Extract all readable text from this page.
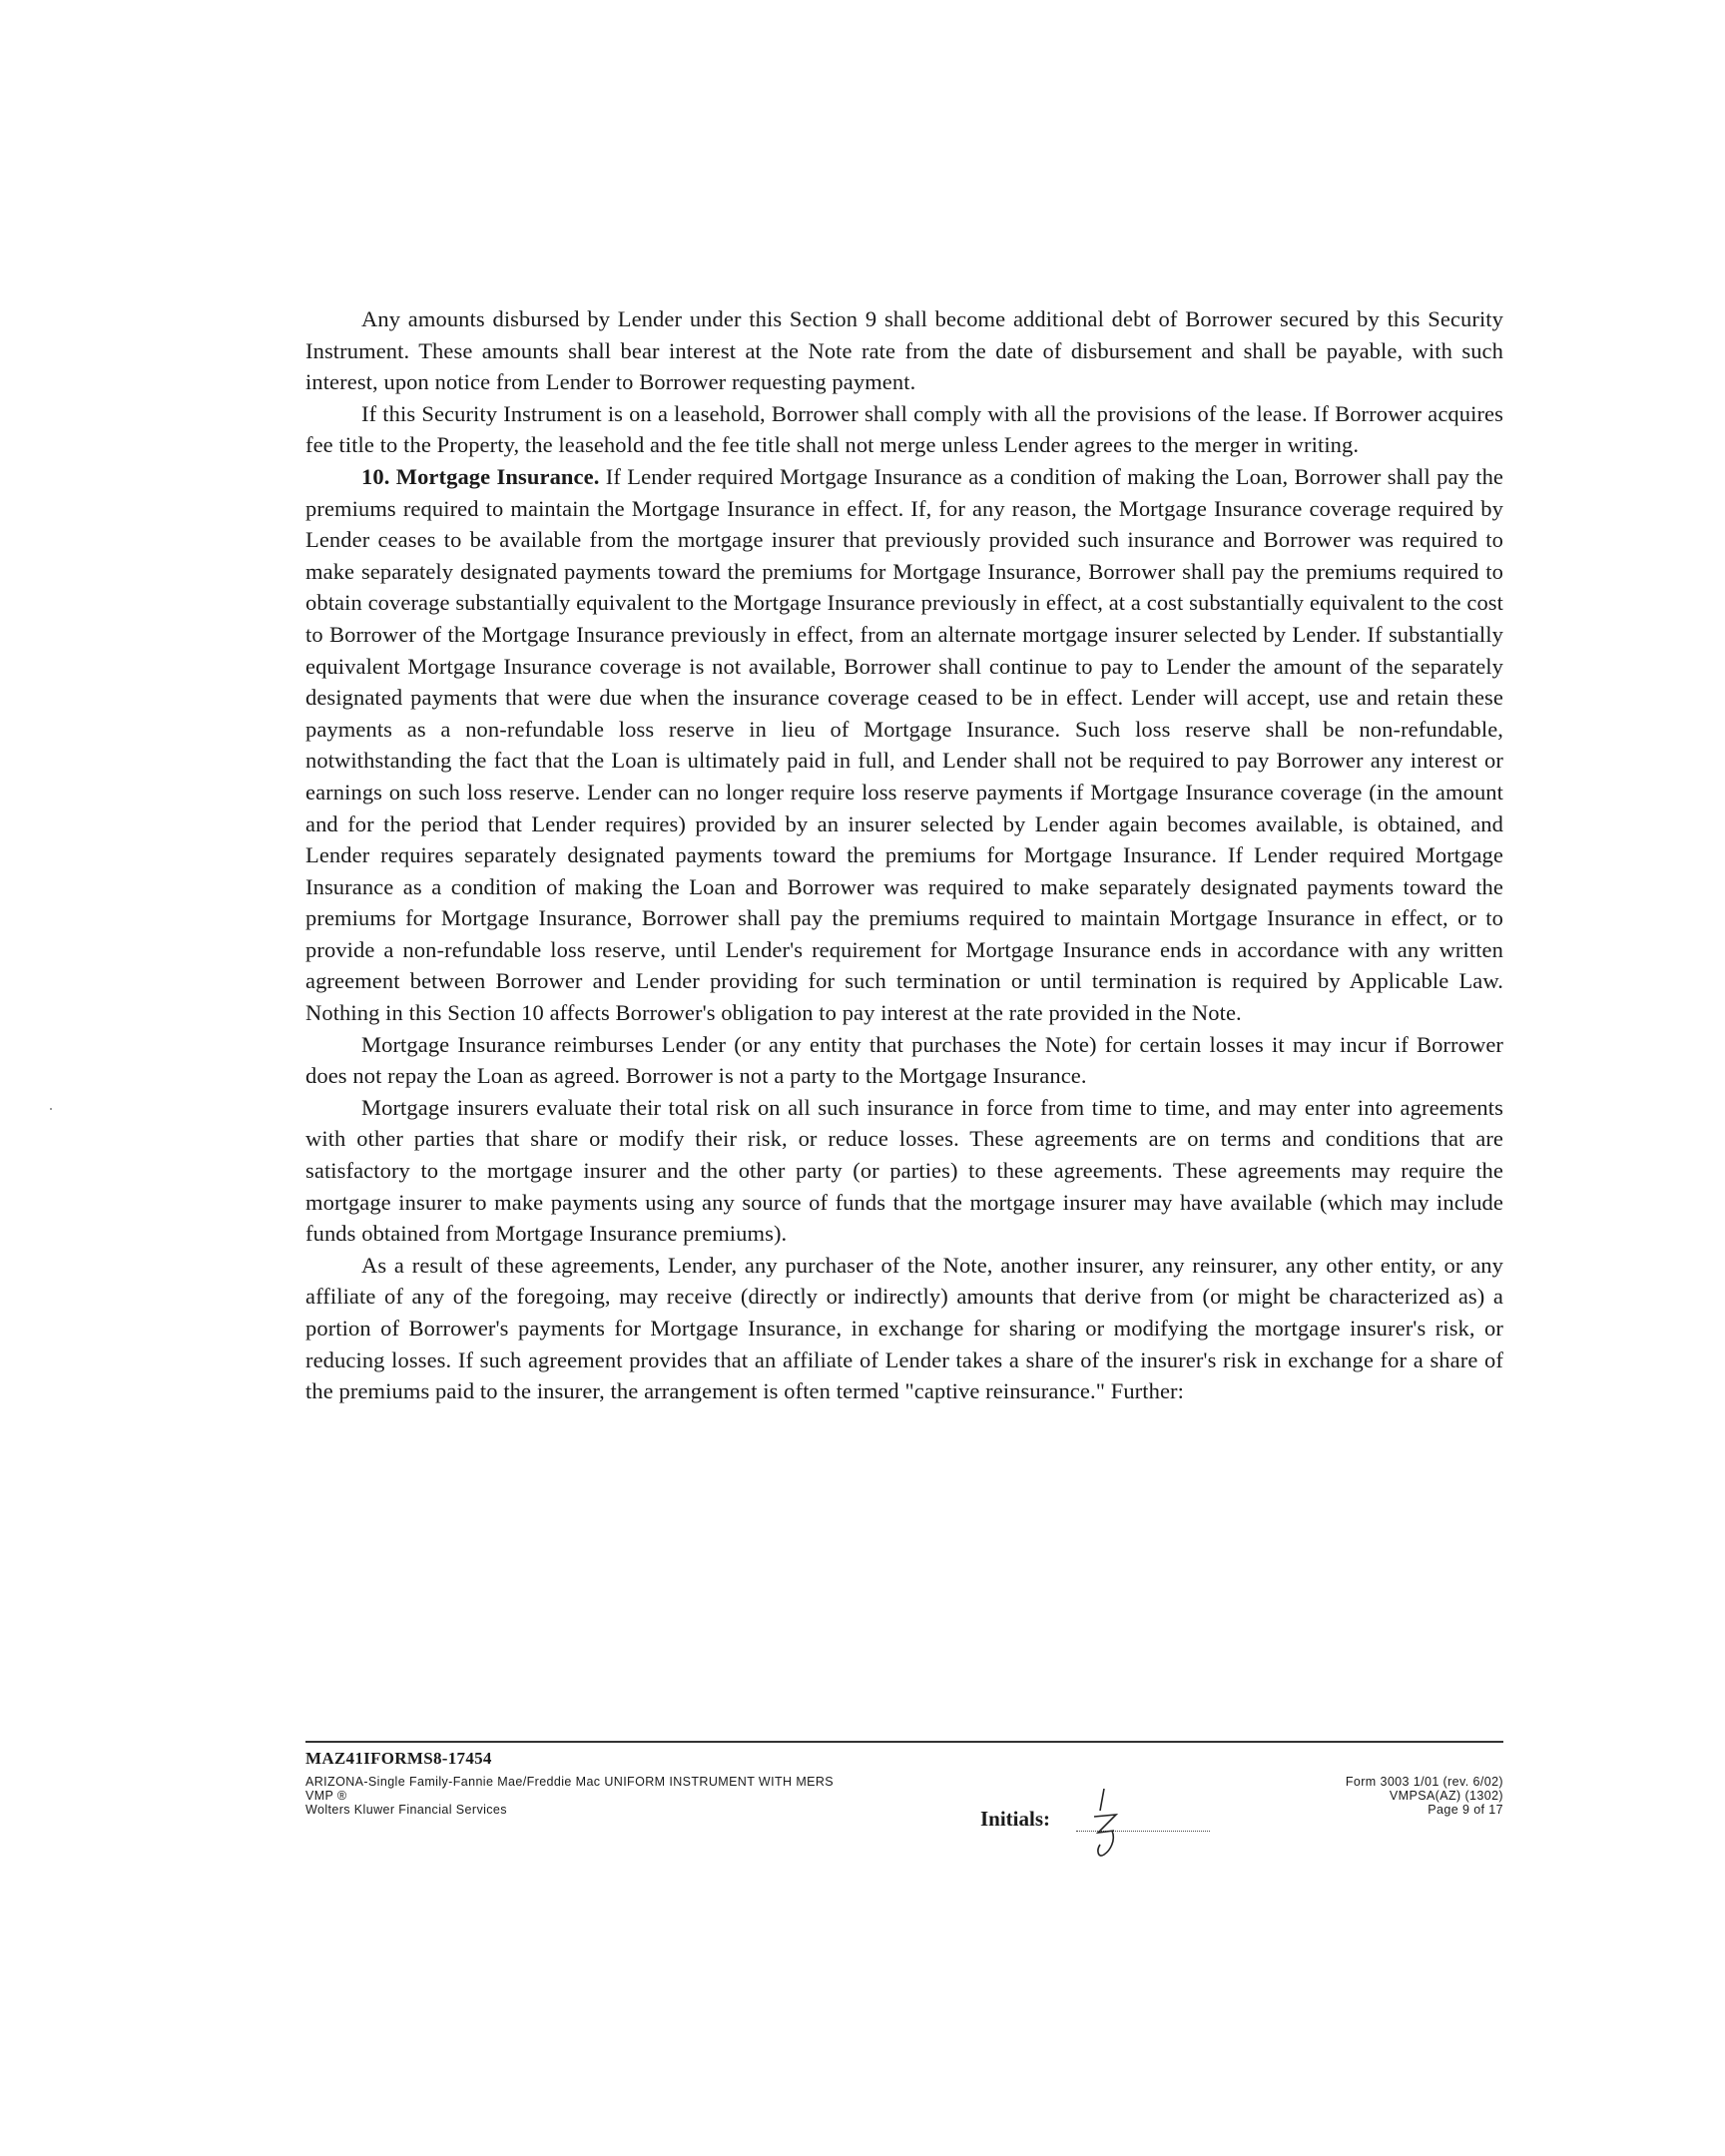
Any amounts disbursed by Lender under this Section 9 shall become additional debt of Borrower secured by this Security Instrument. These amounts shall bear interest at the Note rate from the date of disbursement and shall be payable, with such interest, upon notice from Lender to Borrower requesting payment.

If this Security Instrument is on a leasehold, Borrower shall comply with all the provisions of the lease. If Borrower acquires fee title to the Property, the leasehold and the fee title shall not merge unless Lender agrees to the merger in writing.

10. Mortgage Insurance. If Lender required Mortgage Insurance as a condition of making the Loan, Borrower shall pay the premiums required to maintain the Mortgage Insurance in effect. If, for any reason, the Mortgage Insurance coverage required by Lender ceases to be available from the mortgage insurer that previously provided such insurance and Borrower was required to make separately designated payments toward the premiums for Mortgage Insurance, Borrower shall pay the premiums required to obtain coverage substantially equivalent to the Mortgage Insurance previously in effect, at a cost substantially equivalent to the cost to Borrower of the Mortgage Insurance previously in effect, from an alternate mortgage insurer selected by Lender. If substantially equivalent Mortgage Insurance coverage is not available, Borrower shall continue to pay to Lender the amount of the separately designated payments that were due when the insurance coverage ceased to be in effect. Lender will accept, use and retain these payments as a non-refundable loss reserve in lieu of Mortgage Insurance. Such loss reserve shall be non-refundable, notwithstanding the fact that the Loan is ultimately paid in full, and Lender shall not be required to pay Borrower any interest or earnings on such loss reserve. Lender can no longer require loss reserve payments if Mortgage Insurance coverage (in the amount and for the period that Lender requires) provided by an insurer selected by Lender again becomes available, is obtained, and Lender requires separately designated payments toward the premiums for Mortgage Insurance. If Lender required Mortgage Insurance as a condition of making the Loan and Borrower was required to make separately designated payments toward the premiums for Mortgage Insurance, Borrower shall pay the premiums required to maintain Mortgage Insurance in effect, or to provide a non-refundable loss reserve, until Lender's requirement for Mortgage Insurance ends in accordance with any written agreement between Borrower and Lender providing for such termination or until termination is required by Applicable Law. Nothing in this Section 10 affects Borrower's obligation to pay interest at the rate provided in the Note.

Mortgage Insurance reimburses Lender (or any entity that purchases the Note) for certain losses it may incur if Borrower does not repay the Loan as agreed. Borrower is not a party to the Mortgage Insurance.

Mortgage insurers evaluate their total risk on all such insurance in force from time to time, and may enter into agreements with other parties that share or modify their risk, or reduce losses. These agreements are on terms and conditions that are satisfactory to the mortgage insurer and the other party (or parties) to these agreements. These agreements may require the mortgage insurer to make payments using any source of funds that the mortgage insurer may have available (which may include funds obtained from Mortgage Insurance premiums).

As a result of these agreements, Lender, any purchaser of the Note, another insurer, any reinsurer, any other entity, or any affiliate of any of the foregoing, may receive (directly or indirectly) amounts that derive from (or might be characterized as) a portion of Borrower's payments for Mortgage Insurance, in exchange for sharing or modifying the mortgage insurer's risk, or reducing losses. If such agreement provides that an affiliate of Lender takes a share of the insurer's risk in exchange for a share of the premiums paid to the insurer, the arrangement is often termed "captive reinsurance." Further:

MAZ41IFORMS8-17454
ARIZONA-Single Family-Fannie Mae/Freddie Mac UNIFORM INSTRUMENT WITH MERS
VMP ®
Wolters Kluwer Financial Services	Initials:
Form 3003 1/01 (rev. 6/02)
VMPSA(AZ) (1302)
Page 9 of 17
